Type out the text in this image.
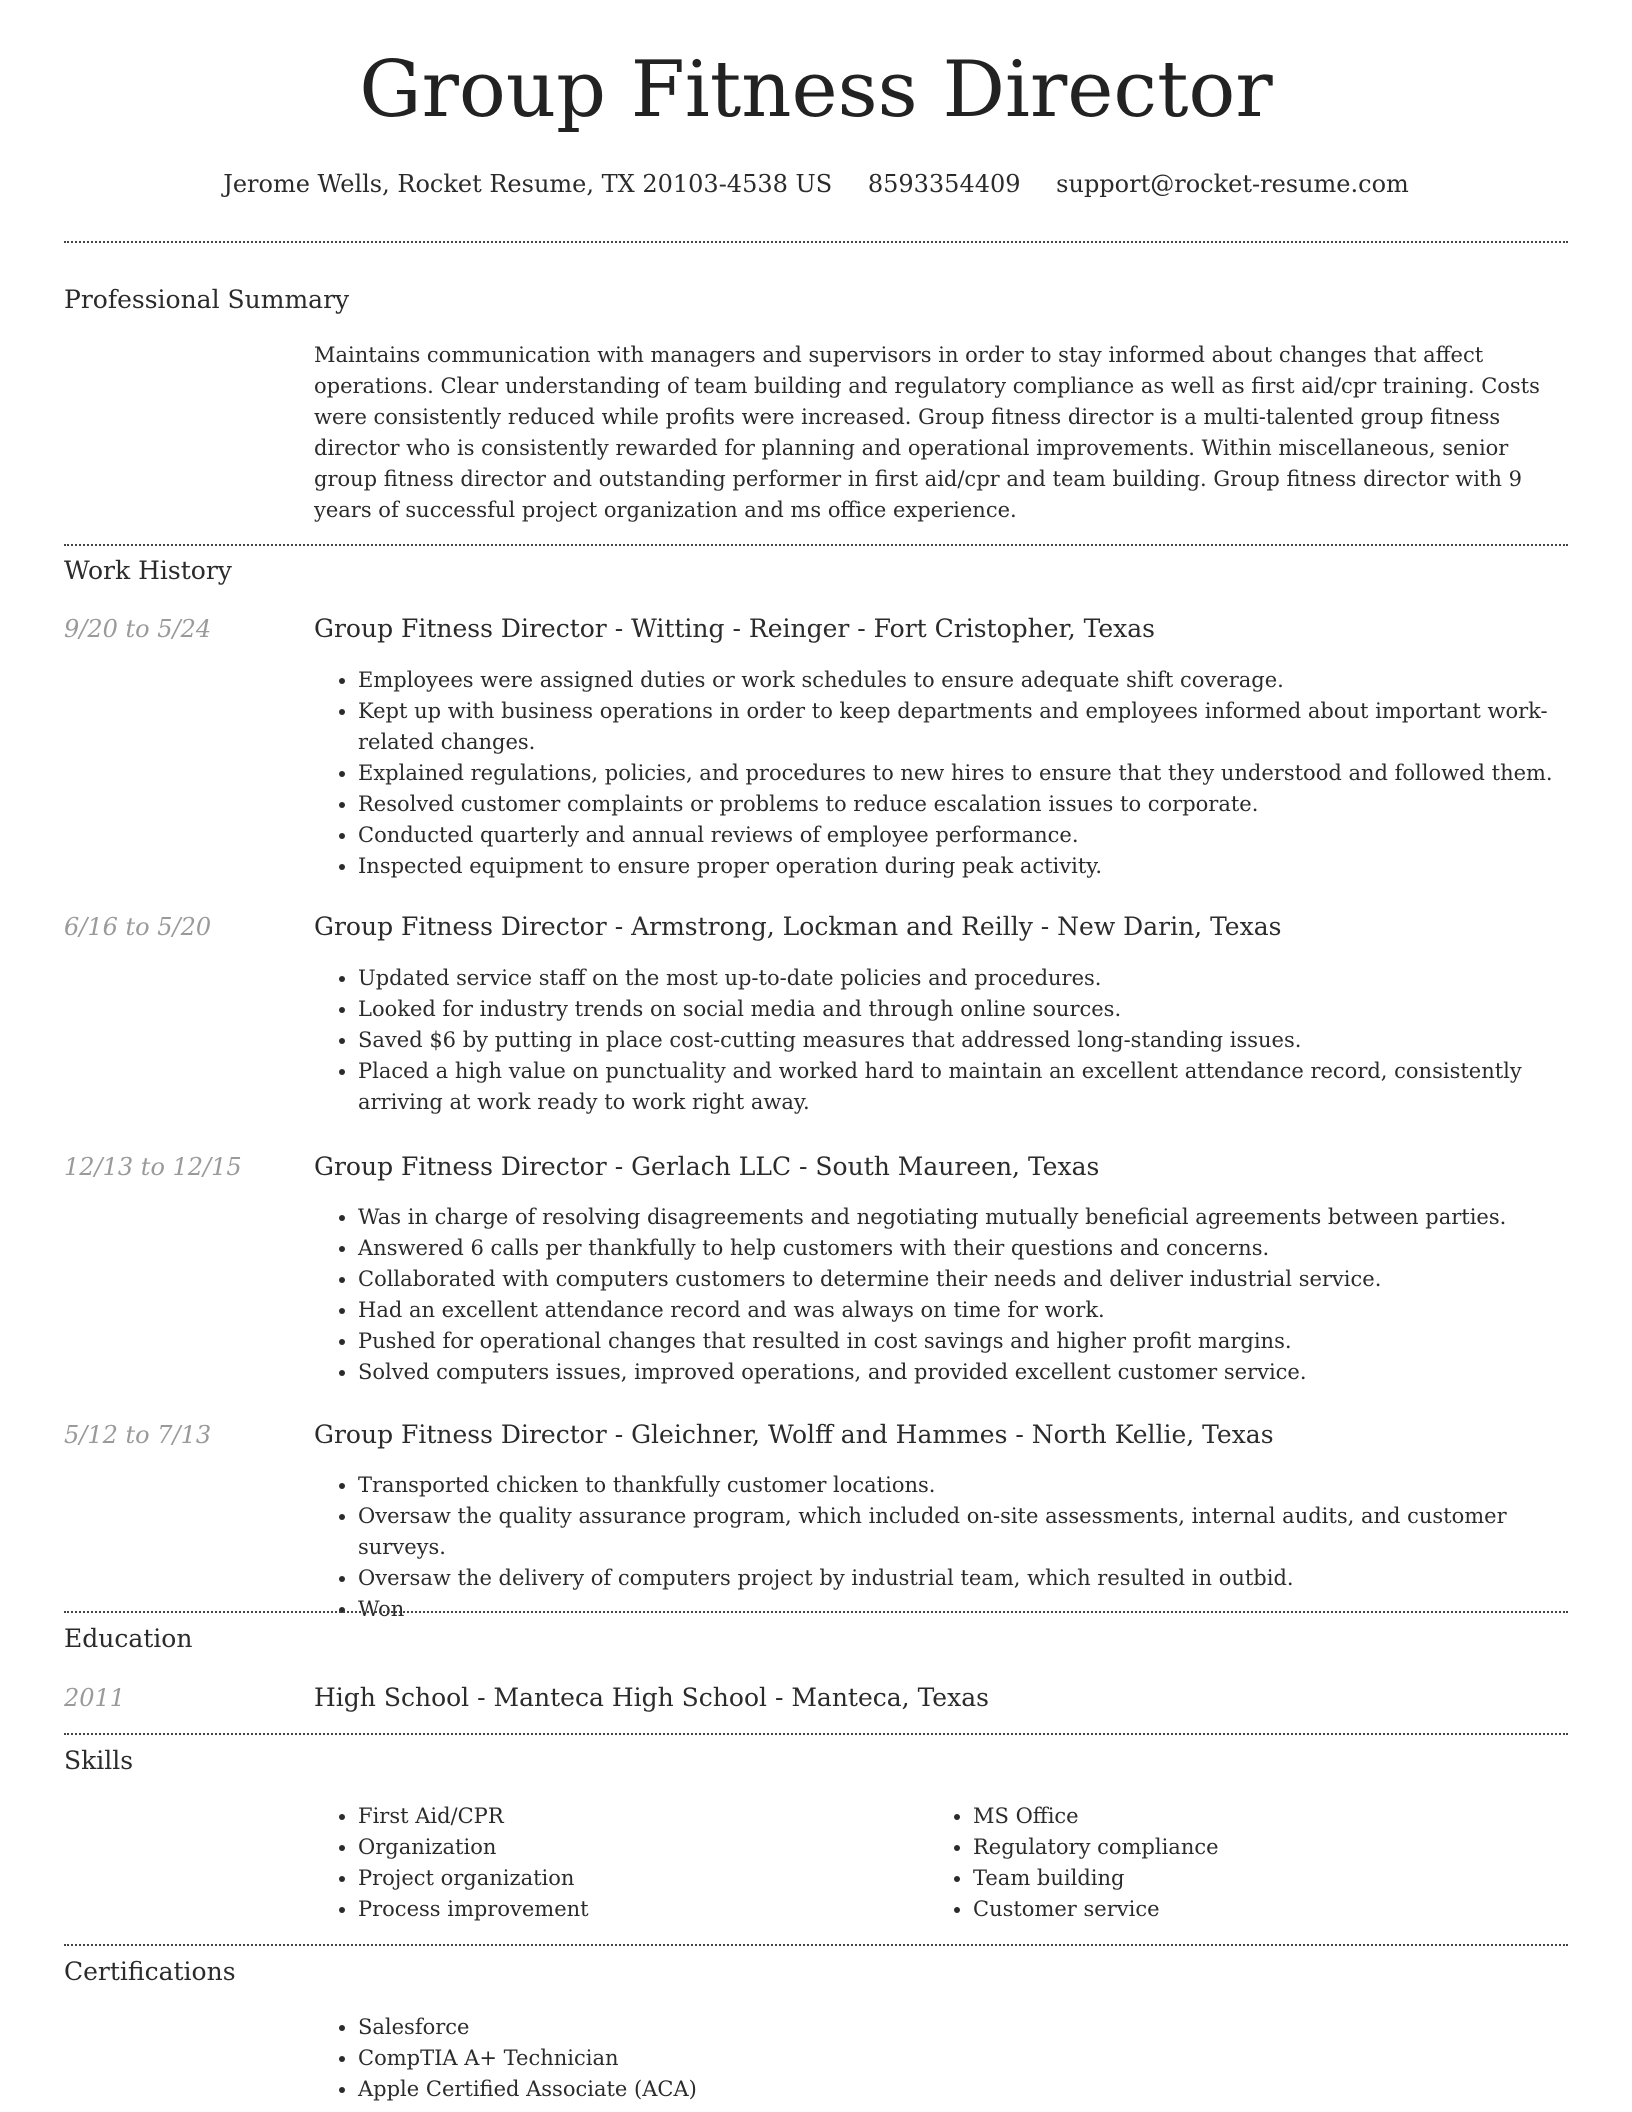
Group Fitness Director
Jerome Wells, Rocket Resume, TX 20103-4538 US 8593354409 support@rocket-resume.com
Professional Summary

Maintains communication with managers and supervisors in order to stay informed about changes that affect operations. Clear understanding of team building and regulatory compliance as well as first aid/cpr training. Costs were consistently reduced while profits were increased. Group fitness director is a multi-talented group fitness director who is consistently rewarded for planning and operational improvements. Within miscellaneous, senior group fitness director and outstanding performer in first aid/cpr and team building. Group fitness director with 9 years of successful project organization and ms office experience.

Work History
9/20 to 5/24	Group Fitness Director - Witting - Reinger - Fort Cristopher, Texas
• Employees were assigned duties or work schedules to ensure adequate shift coverage.
• Kept up with business operations in order to keep departments and employees informed about important work-related changes.
• Explained regulations, policies, and procedures to new hires to ensure that they understood and followed them.
• Resolved customer complaints or problems to reduce escalation issues to corporate.
• Conducted quarterly and annual reviews of employee performance.
• Inspected equipment to ensure proper operation during peak activity.
6/16 to 5/20	Group Fitness Director - Armstrong, Lockman and Reilly - New Darin, Texas
• Updated service staff on the most up-to-date policies and procedures.
• Looked for industry trends on social media and through online sources.
• Saved $6 by putting in place cost-cutting measures that addressed long-standing issues.
• Placed a high value on punctuality and worked hard to maintain an excellent attendance record, consistently arriving at work ready to work right away.
12/13 to 12/15	Group Fitness Director - Gerlach LLC - South Maureen, Texas
• Was in charge of resolving disagreements and negotiating mutually beneficial agreements between parties.
• Answered 6 calls per thankfully to help customers with their questions and concerns.
• Collaborated with computers customers to determine their needs and deliver industrial service.
• Had an excellent attendance record and was always on time for work.
• Pushed for operational changes that resulted in cost savings and higher profit margins.
• Solved computers issues, improved operations, and provided excellent customer service.
5/12 to 7/13	Group Fitness Director - Gleichner, Wolff and Hammes - North Kellie, Texas
• Transported chicken to thankfully customer locations.
• Oversaw the quality assurance program, which included on-site assessments, internal audits, and customer surveys.
• Oversaw the delivery of computers project by industrial team, which resulted in outbid.
• Won
Education
2011	High School - Manteca High School - Manteca, Texas
Skills
• First Aid/CPR
• Organization
• Project organization
• Process improvement
• MS Office
• Regulatory compliance
• Team building
• Customer service
Certifications
• Salesforce
• CompTIA A+ Technician
• Apple Certified Associate (ACA)
